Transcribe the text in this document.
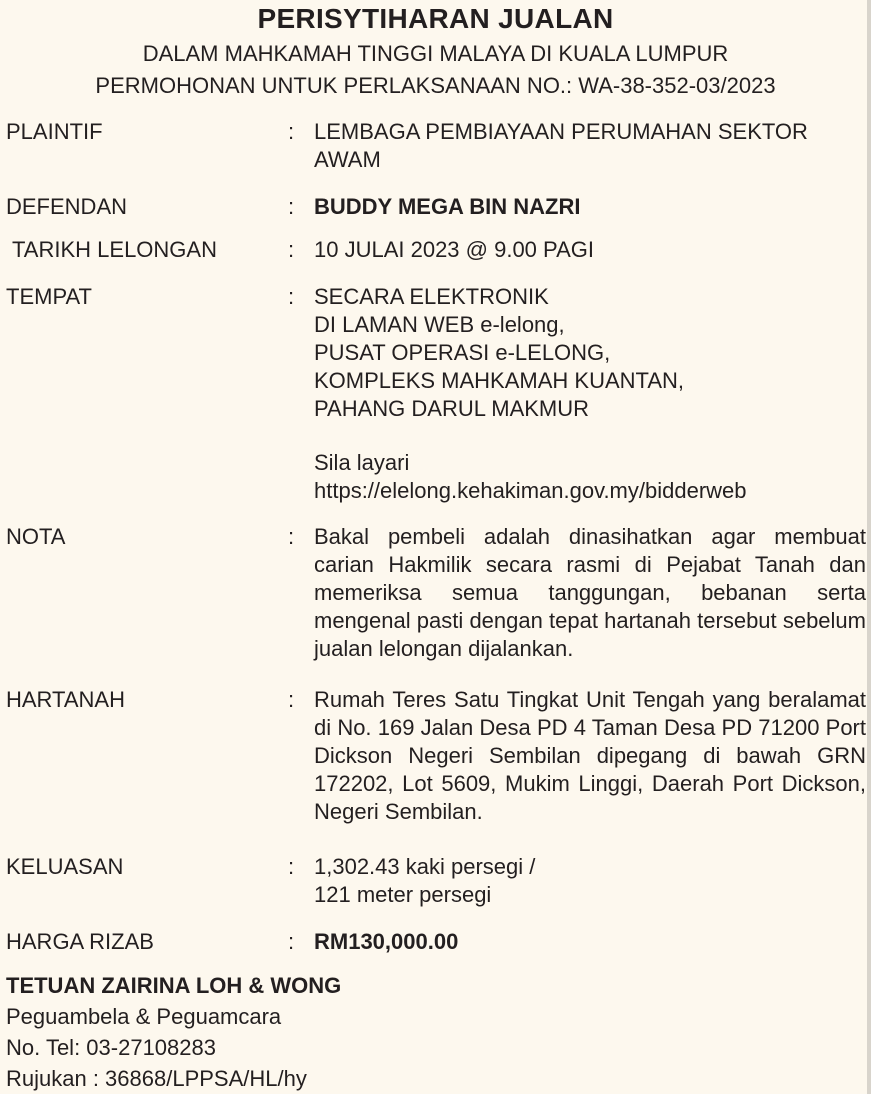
PERISYTIHARAN JUALAN
DALAM MAHKAMAH TINGGI MALAYA DI KUALA LUMPUR
PERMOHONAN UNTUK PERLAKSANAAN NO.: WA-38-352-03/2023
PLAINTIF	: LEMBAGA PEMBIAYAAN PERUMAHAN SEKTOR
AWAM
DEFENDAN	: BUDDY MEGA BIN NAZRI
TARIKH LELONGAN	: 10 JULAI 2023 @ 9.00 PAGI
TEMPAT	: SECARA ELEKTRONIK
DI LAMAN WEB e-lelong,
PUSAT OPERASI e-LELONG,
KOMPLEKS MAHKAMAH KUANTAN,
PAHANG DARUL MAKMUR
Sila layari
https://elelong.kehakiman.gov.my/bidderweb
NOTA	: Bakal pembeli adalah dinasihatkan agar membuat carian Hakmilik secara rasmi di Pejabat Tanah dan memeriksa semua tanggungan, bebanan serta mengenal pasti dengan tepat hartanah tersebut sebelum jualan lelongan dijalankan.
HARTANAH	: Rumah Teres Satu Tingkat Unit Tengah yang beralamat di No. 169 Jalan Desa PD 4 Taman Desa PD 71200 Port Dickson Negeri Sembilan dipegang di bawah GRN 172202, Lot 5609, Mukim Linggi, Daerah Port Dickson, Negeri Sembilan.
KELUASAN	: 1,302.43 kaki persegi /
121 meter persegi
HARGA RIZAB	: RM130,000.00
TETUAN ZAIRINA LOH & WONG
Peguambela & Peguamcara
No. Tel: 03-27108283
Rujukan : 36868/LPPSA/HL/hy
